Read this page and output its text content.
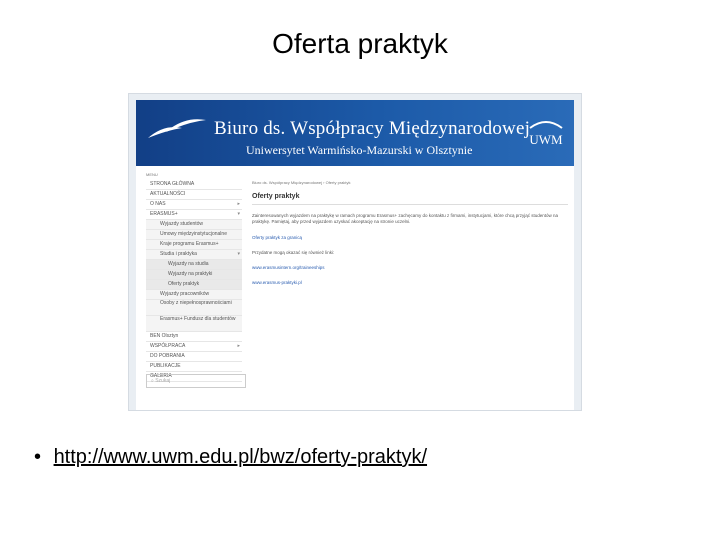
Oferta praktyk
Biuro ds. Współpracy Międzynarodowej
Uniwersytet Warmińsko-Mazurski w Olsztynie
UWM
MENU
STRONA GŁÓWNA
AKTUALNOŚCI
O NAS	▸
ERASMUS+	▾
Wyjazdy studentów
Umowy międzyinstytucjonalne
Kraje programu Erasmus+
Studia i praktyka	▾
Wyjazdy na studia
Wyjazdy na praktyki
Oferty praktyk
Wyjazdy pracowników
Osoby z niepełnosprawnościami
Erasmus+ Fundusz dla studentów
BEN Olsztyn
WSPÓŁPRACA	▸
DO POBRANIA
PUBLIKACJE
GALERIA
⌕ Szukaj
Biuro ds. Współpracy Międzynarodowej › Oferty praktyk
Oferty praktyk
Zainteresowanych wyjazdem na praktykę w ramach programu Erasmus+ zachęcamy do kontaktu z firmami, instytucjami, które chcą przyjąć studentów na praktykę. Pamiętaj, aby przed wyjazdem uzyskać akceptację na stronie uczelni.
Oferty praktyk za granicą
Przydatne mogą okazać się również linki:
www.erasmusintern.org/traineeships
www.erasmus-praktyki.pl
• http://www.uwm.edu.pl/bwz/oferty-praktyk/
